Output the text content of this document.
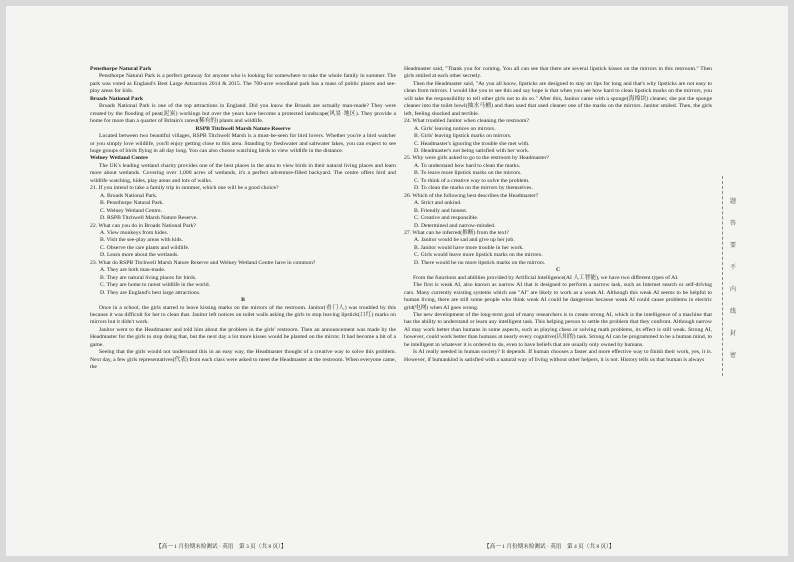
Pensthorpe Natural Park

Pensthorpe Natural Park is a perfect getaway for anyone who is looking for somewhere to take the whole family in summer. The park was voted as England's Best Large Attraction 2014 & 2015. The 700-acre woodland park has a mass of public places and see-play areas for kids.

Broads National Park

Broads National Park is one of the top attractions in England. Did you know the Broads are actually man-made? They were created by the flooding of peat(泥炭) workings but over the years have become a protected landscape(风景·地区). They provide a home for more than a quarter of Britain's rarest(稀有的) plants and wildlife.

RSPB Titchwell Marsh Nature Reserve

Located between two beautiful villages, RSPB Titchwell Marsh is a must-be-seen for bird lovers. Whether you're a bird watcher or you simply love wildlife, you'll enjoy getting close to this area. Standing by freshwater and saltwater lakes, you can expect to see huge groups of birds flying in all day long. You can also choose watching birds to view wildlife in the distance.

Welney Wetland Centre

The UK's leading wetland charity provides one of the best places in the area to view birds in their natural living places and learn more about wetlands. Covering over 1,000 acres of wetlands, it's a perfect adventure-filled backyard. The centre offers bird and wildlife watching, hides, play areas and lots of walks.

21. If you intend to take a family trip in summer, which one will be a good choice?

A. Broads National Park.

B. Pensthorpe Natural Park.

C. Welney Wetland Centre.

D. RSPB Titchwell Marsh Nature Reserve.

22. What can you do in Broads National Park?

A. View monkeys from hides.

B. Visit the see-play areas with kids.

C. Observe the rare plants and wildlife.

D. Learn more about the wetlands.

23. What do RSPB Titchwell Marsh Nature Reserve and Welney Wetland Centre have in common?

A. They are both man-made.

B. They are natural living places for birds.

C. They are home to rarest wildlife in the world.

D. They are England's best large attractions.

B

Once in a school, the girls started to leave kissing marks on the mirrors of the restroom. Janitor(看门人) was troubled by this because it was difficult for her to clean that. Janitor left notices on toilet walls asking the girls to stop leaving lipstick(口红) marks on mirrors but it didn't work.

Janitor went to the Headmaster and told him about the problem in the girls' restroom. Then an announcement was made by the Headmaster for the girls to stop doing that, but the next day a lot more kisses would be planted on the mirror. It had become a bit of a game.

Seeing that the girls would not understand this in an easy way, the Headmaster thought of a creative way to solve this problem. Next day, a few girls representatives(代表) from each class were asked to meet the Headmaster at the restroom. When everyone came, the

Headmaster said, "Thank you for coming. You all can see that there are several lipstick kisses on the mirrors in this restroom." Then girls smiled at each other secretly.

Then the Headmaster said, "As you all know, lipsticks are designed to stay on lips for long and that's why lipsticks are not easy to clean from mirrors. I would like you to see this and say hope is that when you see how hard to clean lipstick marks on the mirrors, you will take the responsibility to tell other girls not to do so." After this, Janitor came with a sponge(海绵块) cleaner, she put the sponge cleaner into the toilet bowl(抽水马桶) and then used that used cleaner one of the marks on the mirrors. Janitor smiled. Then, the girls left, feeling shocked and terrible.

24. What troubled Janitor when cleaning the restroom?

A. Girls' leaving notices on mirrors.

B. Girls' leaving lipstick marks on mirrors.

C. Headmaster's ignoring the trouble she met with.

D. Headmaster's not being satisfied with her work.

25. Why were girls asked to go to the restroom by Headmaster?

A. To understand how hard to clean the marks.

B. To leave more lipstick marks on the mirrors.

C. To think of a creative way to solve the problem.

D. To clean the marks on the mirrors by themselves.

26. Which of the following best describes the Headmaster?

A. Strict and unkind.

B. Friendly and honest.

C. Creative and responsible.

D. Determined and narrow-minded.

27. What can be inferred(推断) from the text?

A. Janitor would be sad and give up her job.

B. Janitor would have more trouble in her work.

C. Girls would leave more lipstick marks on the mirrors.

D. There would be no more lipstick marks on the mirrors.

C

From the functions and abilities provided by Artificial intelligence(AI 人工智能), we have two different types of AI.

The first is weak AI, also known as narrow AI that is designed to perform a narrow task, such as Internet search or self-driving cars. Many currently existing systems which use "AI" are likely to work as a weak AI. Although this weak AI seems to be helpful to human living, there are still some people who think weak AI could be dangerous because weak AI could cause problems in electric grid(电网) when AI goes wrong.

The new development of the long-term goal of many researchers is to create strong AI, which is the intelligence of a machine that has the ability to understand or learn any intelligent task. This helping person to settle the problem that they confront. Although narrow AI may work better than humans in some aspects, such as playing chess or solving math problems, its effect is still weak. Strong AI, however, could work better than humans at nearly every cognitive(认知的) task. Strong AI can be programmed to be a human mind, to be intelligent in whatever it is ordered to do, even to have beliefs that are usually only owned by humans.

Is AI really needed in human society? It depends. If human chooses a faster and more effective way to finish their work, yes, it is. However, if humankind is satisfied with a natural way of living without other helpers, it is not. History tells us that human is always

【高一 1 月份期末检测试 · 英语　第 3 页（共 8 页）】	【高一 1 月份期末检测试 · 英语　第 4 页（共 8 页）】
题
答
要
不
内
线
封
密
